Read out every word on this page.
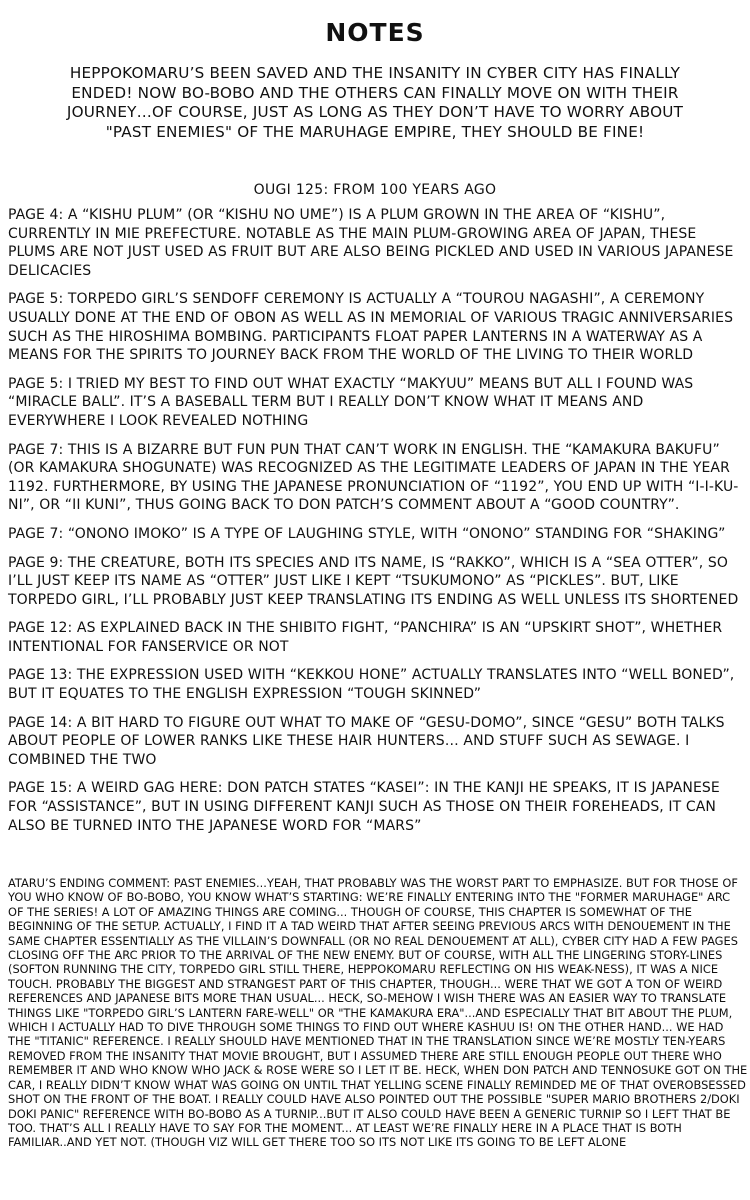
NOTES
HEPPOKOMARU’S BEEN SAVED AND THE INSANITY IN CYBER CITY HAS FINALLY ENDED! NOW BO-BOBO AND THE OTHERS CAN FINALLY MOVE ON WITH THEIR JOURNEY…OF COURSE, JUST AS LONG AS THEY DON’T HAVE TO WORRY ABOUT "PAST ENEMIES" OF THE MARUHAGE EMPIRE, THEY SHOULD BE FINE!
OUGI 125: FROM 100 YEARS AGO
PAGE 4: A “KISHU PLUM” (OR “KISHU NO UME”) IS A PLUM GROWN IN THE AREA OF “KISHU”, CURRENTLY IN MIE PREFECTURE. NOTABLE AS THE MAIN PLUM-GROWING AREA OF JAPAN, THESE PLUMS ARE NOT JUST USED AS FRUIT BUT ARE ALSO BEING PICKLED AND USED IN VARIOUS JAPANESE DELICACIES
PAGE 5: TORPEDO GIRL’S SENDOFF CEREMONY IS ACTUALLY A “TOUROU NAGASHI”, A CEREMONY USUALLY DONE AT THE END OF OBON AS WELL AS IN MEMORIAL OF VARIOUS TRAGIC ANNIVERSARIES SUCH AS THE HIROSHIMA BOMBING. PARTICIPANTS FLOAT PAPER LANTERNS IN A WATERWAY AS A MEANS FOR THE SPIRITS TO JOURNEY BACK FROM THE WORLD OF THE LIVING TO THEIR WORLD
PAGE 5: I TRIED MY BEST TO FIND OUT WHAT EXACTLY “MAKYUU” MEANS BUT ALL I FOUND WAS “MIRACLE BALL”. IT’S A BASEBALL TERM BUT I REALLY DON’T KNOW WHAT IT MEANS AND EVERYWHERE I LOOK REVEALED NOTHING
PAGE 7: THIS IS A BIZARRE BUT FUN PUN THAT CAN’T WORK IN ENGLISH. THE “KAMAKURA BAKUFU” (OR KAMAKURA SHOGUNATE) WAS RECOGNIZED AS THE LEGITIMATE LEADERS OF JAPAN IN THE YEAR 1192. FURTHERMORE, BY USING THE JAPANESE PRONUNCIATION OF “1192”, YOU END UP WITH “I-I-KU-NI”, OR “II KUNI”, THUS GOING BACK TO DON PATCH’S COMMENT ABOUT A “GOOD COUNTRY”.
PAGE 7: “ONONO IMOKO” IS A TYPE OF LAUGHING STYLE, WITH “ONONO” STANDING FOR “SHAKING”
PAGE 9: THE CREATURE, BOTH ITS SPECIES AND ITS NAME, IS “RAKKO”, WHICH IS A “SEA OTTER”, SO I’LL JUST KEEP ITS NAME AS “OTTER” JUST LIKE I KEPT “TSUKUMONO” AS “PICKLES”. BUT, LIKE TORPEDO GIRL, I’LL PROBABLY JUST KEEP TRANSLATING ITS ENDING AS WELL UNLESS ITS SHORTENED
PAGE 12: AS EXPLAINED BACK IN THE SHIBITO FIGHT, “PANCHIRA” IS AN “UPSKIRT SHOT”, WHETHER INTENTIONAL FOR FANSERVICE OR NOT
PAGE 13: THE EXPRESSION USED WITH “KEKKOU HONE” ACTUALLY TRANSLATES INTO “WELL BONED”, BUT IT EQUATES TO THE ENGLISH EXPRESSION “TOUGH SKINNED”
PAGE 14: A BIT HARD TO FIGURE OUT WHAT TO MAKE OF “GESU-DOMO”, SINCE “GESU” BOTH TALKS ABOUT PEOPLE OF LOWER RANKS LIKE THESE HAIR HUNTERS… AND STUFF SUCH AS SEWAGE. I COMBINED THE TWO
PAGE 15: A WEIRD GAG HERE: DON PATCH STATES “KASEI”: IN THE KANJI HE SPEAKS, IT IS JAPANESE FOR “ASSISTANCE”, BUT IN USING DIFFERENT KANJI SUCH AS THOSE ON THEIR FOREHEADS, IT CAN ALSO BE TURNED INTO THE JAPANESE WORD FOR “MARS”
ATARU’S ENDING COMMENT: PAST ENEMIES...YEAH, THAT PROBABLY WAS THE WORST PART TO EMPHASIZE. BUT FOR THOSE OF YOU WHO KNOW OF BO-BOBO, YOU KNOW WHAT’S STARTING: WE’RE FINALLY ENTERING INTO THE "FORMER MARUHAGE" ARC OF THE SERIES! A LOT OF AMAZING THINGS ARE COMING... THOUGH OF COURSE, THIS CHAPTER IS SOMEWHAT OF THE BEGINNING OF THE SETUP. ACTUALLY, I FIND IT A TAD WEIRD THAT AFTER SEEING PREVIOUS ARCS WITH DENOUEMENT IN THE SAME CHAPTER ESSENTIALLY AS THE VILLAIN’S DOWNFALL (OR NO REAL DENOUEMENT AT ALL), CYBER CITY HAD A FEW PAGES CLOSING OFF THE ARC PRIOR TO THE ARRIVAL OF THE NEW ENEMY. BUT OF COURSE, WITH ALL THE LINGERING STORY-LINES (SOFTON RUNNING THE CITY, TORPEDO GIRL STILL THERE, HEPPOKOMARU REFLECTING ON HIS WEAK-NESS), IT WAS A NICE TOUCH. PROBABLY THE BIGGEST AND STRANGEST PART OF THIS CHAPTER, THOUGH... WERE THAT WE GOT A TON OF WEIRD REFERENCES AND JAPANESE BITS MORE THAN USUAL... HECK, SO-MEHOW I WISH THERE WAS AN EASIER WAY TO TRANSLATE THINGS LIKE "TORPEDO GIRL’S LANTERN FARE-WELL" OR "THE KAMAKURA ERA"...AND ESPECIALLY THAT BIT ABOUT THE PLUM, WHICH I ACTUALLY HAD TO DIVE THROUGH SOME THINGS TO FIND OUT WHERE KASHUU IS! ON THE OTHER HAND... WE HAD THE "TITANIC" REFERENCE. I REALLY SHOULD HAVE MENTIONED THAT IN THE TRANSLATION SINCE WE’RE MOSTLY TEN-YEARS REMOVED FROM THE INSANITY THAT MOVIE BROUGHT, BUT I ASSUMED THERE ARE STILL ENOUGH PEOPLE OUT THERE WHO REMEMBER IT AND WHO KNOW WHO JACK & ROSE WERE SO I LET IT BE. HECK, WHEN DON PATCH AND TENNOSUKE GOT ON THE CAR, I REALLY DIDN’T KNOW WHAT WAS GOING ON UNTIL THAT YELLING SCENE FINALLY REMINDED ME OF THAT OVEROBSESSED SHOT ON THE FRONT OF THE BOAT. I REALLY COULD HAVE ALSO POINTED OUT THE POSSIBLE "SUPER MARIO BROTHERS 2/DOKI DOKI PANIC" REFERENCE WITH BO-BOBO AS A TURNIP...BUT IT ALSO COULD HAVE BEEN A GENERIC TURNIP SO I LEFT THAT BE TOO. THAT’S ALL I REALLY HAVE TO SAY FOR THE MOMENT... AT LEAST WE’RE FINALLY HERE IN A PLACE THAT IS BOTH FAMILIAR..AND YET NOT. (THOUGH VIZ WILL GET THERE TOO SO ITS NOT LIKE ITS GOING TO BE LEFT ALONE
